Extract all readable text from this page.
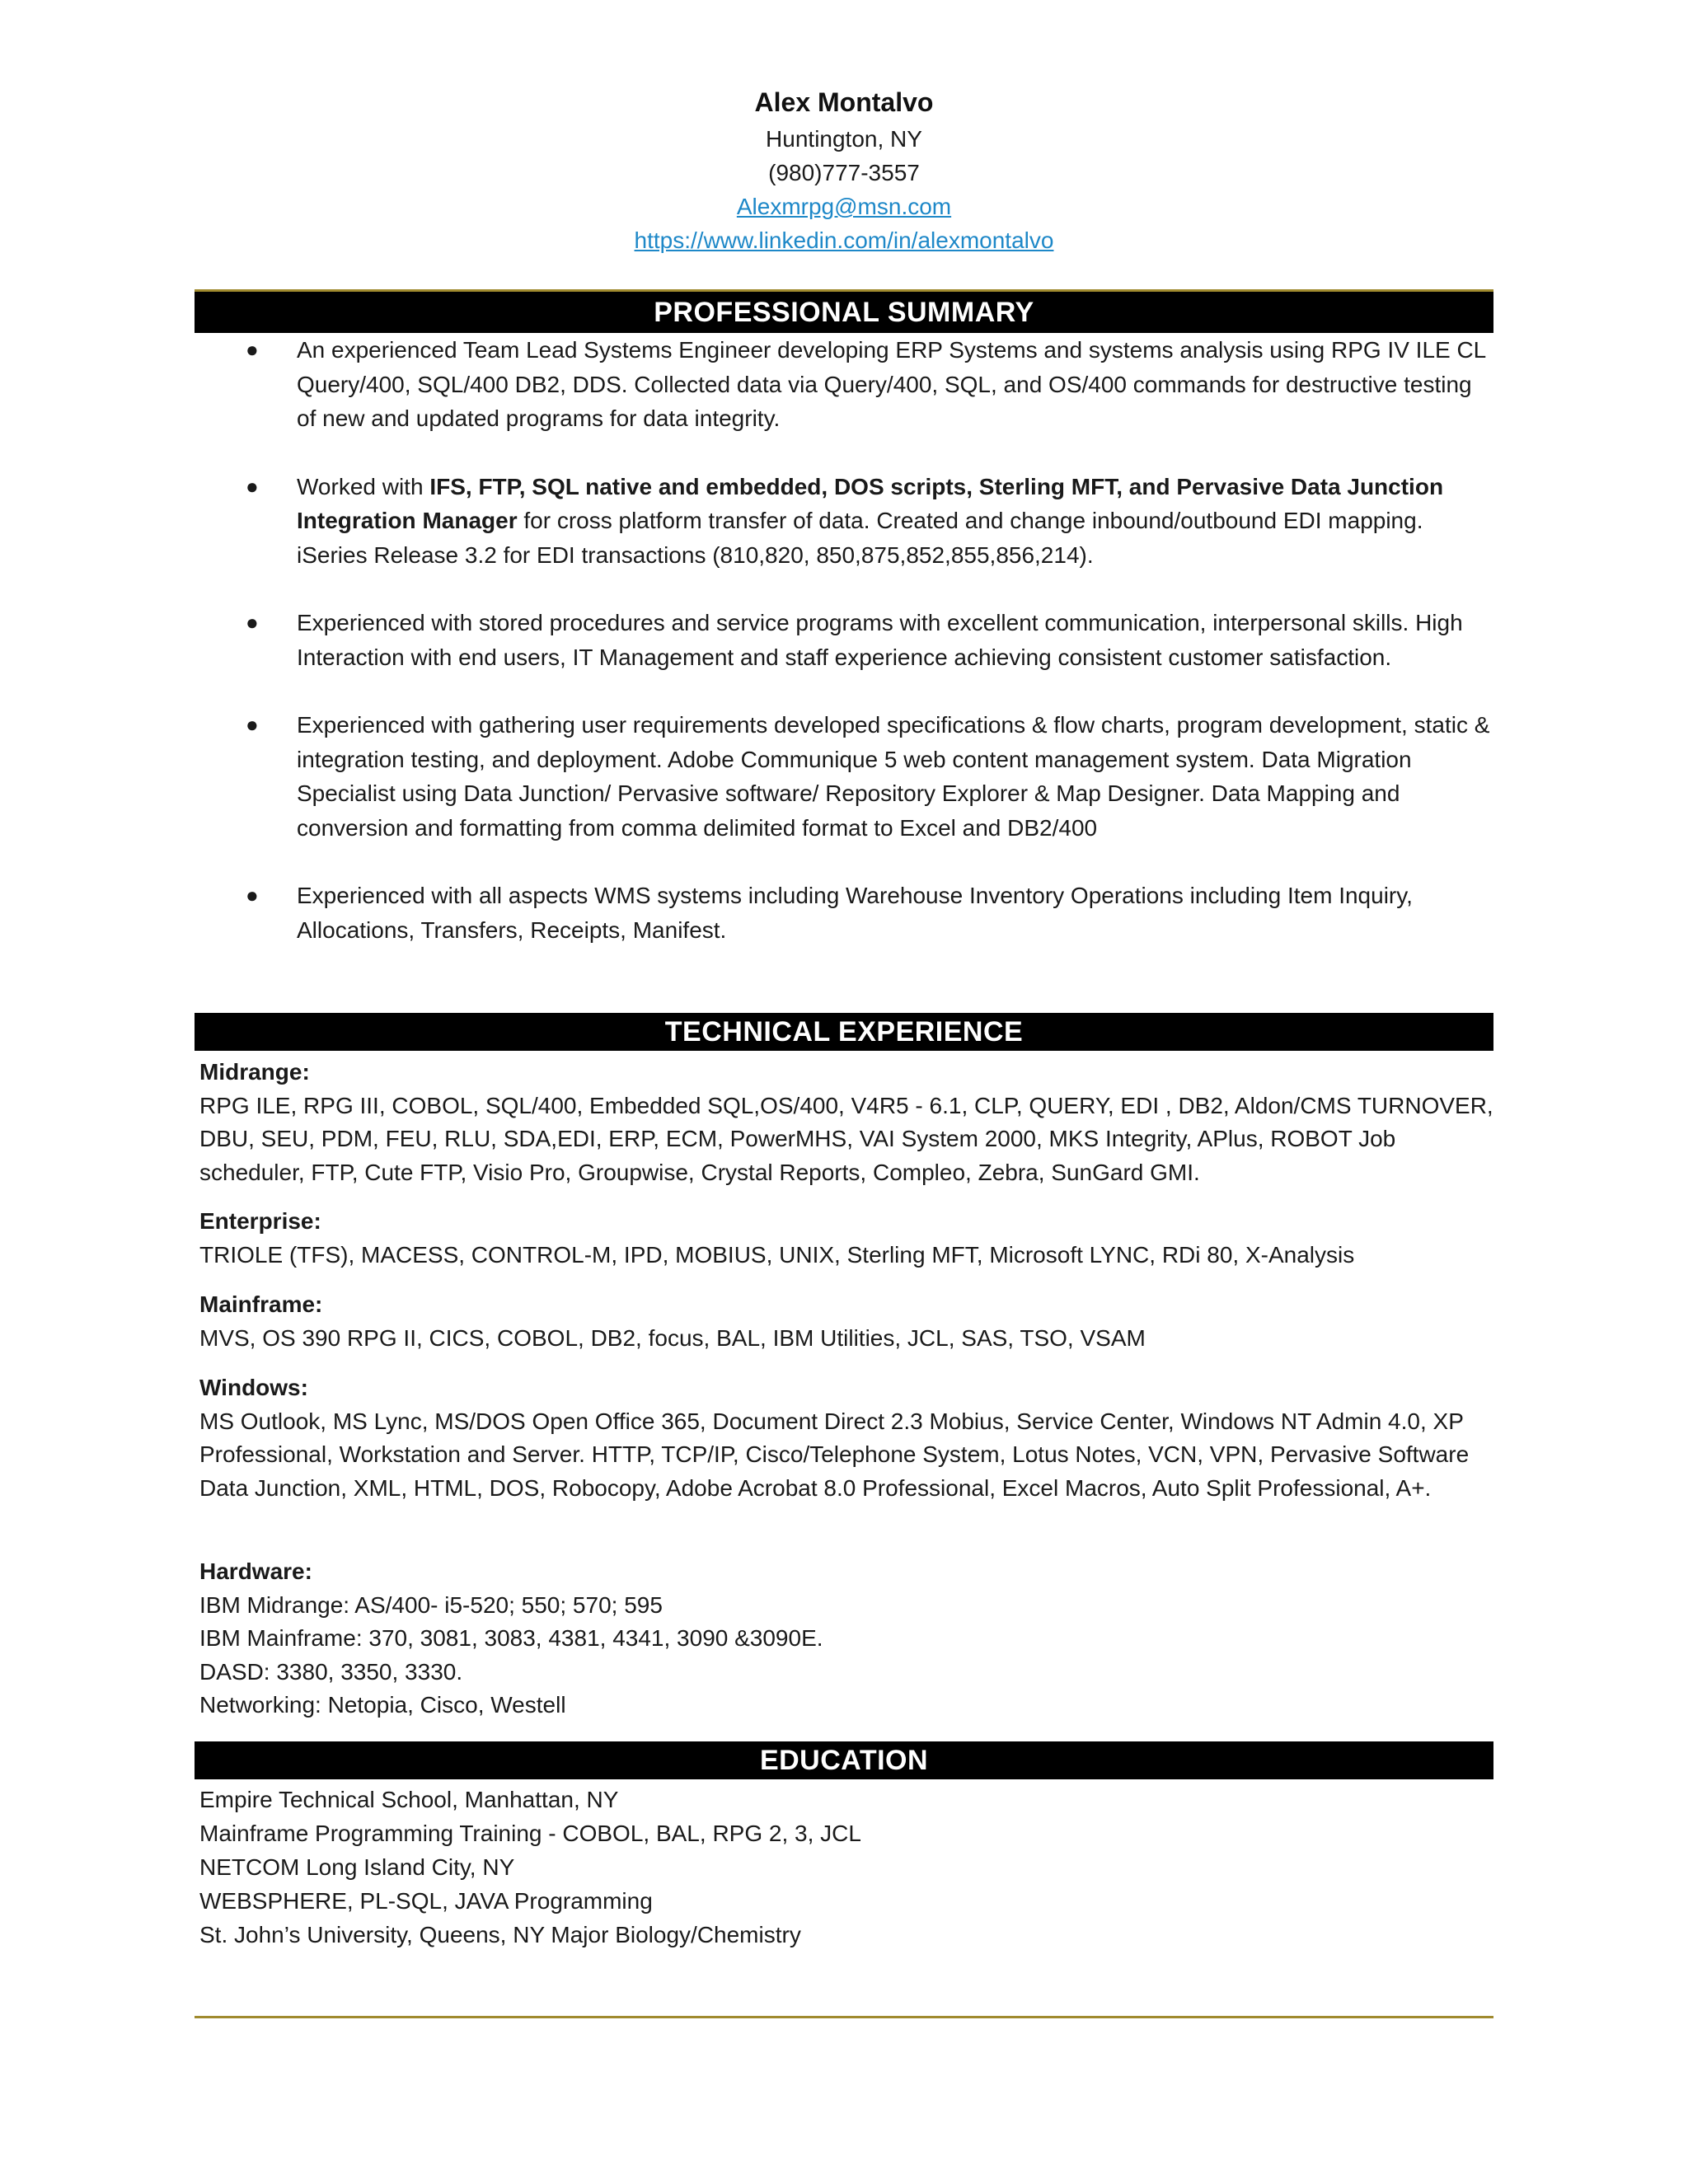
Alex Montalvo
Huntington, NY
(980)777-3557
Alexmrpg@msn.com
https://www.linkedin.com/in/alexmontalvo
PROFESSIONAL SUMMARY
● An experienced Team Lead Systems Engineer developing ERP Systems and systems analysis using RPG IV ILE CL Query/400, SQL/400 DB2, DDS. Collected data via Query/400, SQL, and OS/400 commands for destructive testing of new and updated programs for data integrity.
● Worked with IFS, FTP, SQL native and embedded, DOS scripts, Sterling MFT, and Pervasive Data Junction Integration Manager for cross platform transfer of data. Created and change inbound/outbound EDI mapping. iSeries Release 3.2 for EDI transactions (810,820, 850,875,852,855,856,214).
● Experienced with stored procedures and service programs with excellent communication, interpersonal skills. High Interaction with end users, IT Management and staff experience achieving consistent customer satisfaction.
● Experienced with gathering user requirements developed specifications & flow charts, program development, static & integration testing, and deployment. Adobe Communique 5 web content management system. Data Migration Specialist using Data Junction/ Pervasive software/ Repository Explorer & Map Designer. Data Mapping and conversion and formatting from comma delimited format to Excel and DB2/400
● Experienced with all aspects WMS systems including Warehouse Inventory Operations including Item Inquiry, Allocations, Transfers, Receipts, Manifest.
TECHNICAL EXPERIENCE
Midrange:
RPG ILE, RPG III, COBOL, SQL/400, Embedded SQL,OS/400, V4R5 - 6.1, CLP, QUERY, EDI , DB2, Aldon/CMS TURNOVER, DBU, SEU, PDM, FEU, RLU, SDA,EDI, ERP, ECM, PowerMHS, VAI System 2000, MKS Integrity, APlus, ROBOT Job scheduler, FTP, Cute FTP, Visio Pro, Groupwise, Crystal Reports, Compleo, Zebra, SunGard GMI.
Enterprise:
TRIOLE (TFS), MACESS, CONTROL-M, IPD, MOBIUS, UNIX, Sterling MFT, Microsoft LYNC, RDi 80, X-Analysis
Mainframe:
MVS, OS 390 RPG II, CICS, COBOL, DB2, focus, BAL, IBM Utilities, JCL, SAS, TSO, VSAM
Windows:
MS Outlook, MS Lync, MS/DOS Open Office 365, Document Direct 2.3 Mobius, Service Center, Windows NT Admin 4.0, XP Professional, Workstation and Server. HTTP, TCP/IP, Cisco/Telephone System, Lotus Notes, VCN, VPN, Pervasive Software Data Junction, XML, HTML, DOS, Robocopy, Adobe Acrobat 8.0 Professional, Excel Macros, Auto Split Professional, A+.
Hardware:
IBM Midrange: AS/400- i5-520; 550; 570; 595
IBM Mainframe: 370, 3081, 3083, 4381, 4341, 3090 &3090E.
DASD: 3380, 3350, 3330.
Networking: Netopia, Cisco, Westell
EDUCATION
Empire Technical School, Manhattan, NY
Mainframe Programming Training - COBOL, BAL, RPG 2, 3, JCL
NETCOM Long Island City, NY
WEBSPHERE, PL-SQL, JAVA Programming
St. John’s University, Queens, NY Major Biology/Chemistry
